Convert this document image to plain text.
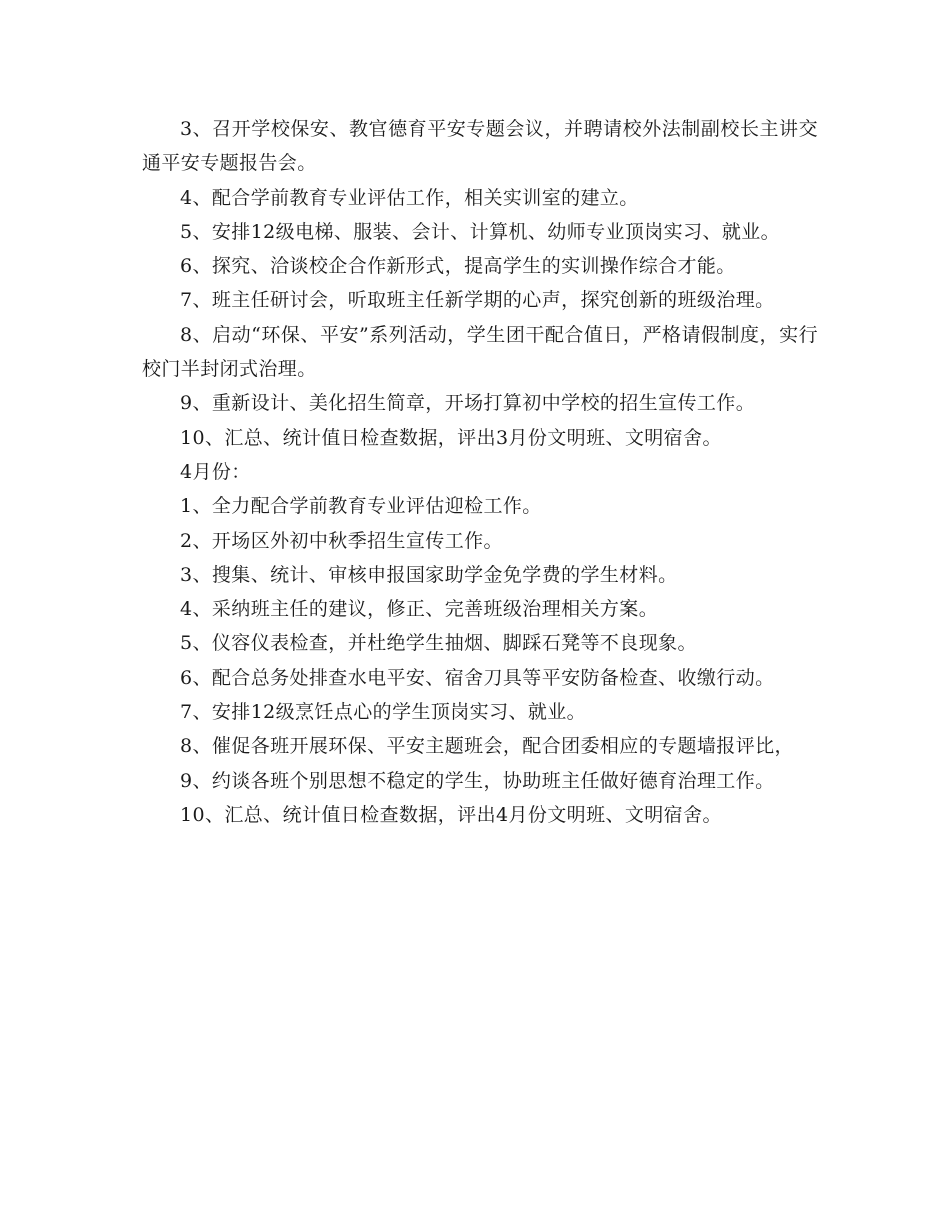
3、召开学校保安、教官德育平安专题会议，并聘请校外法制副校长主讲交通平安专题报告会。

4、配合学前教育专业评估工作，相关实训室的建立。

5、安排12级电梯、服装、会计、计算机、幼师专业顶岗实习、就业。

6、探究、洽谈校企合作新形式，提高学生的实训操作综合才能。

7、班主任研讨会，听取班主任新学期的心声，探究创新的班级治理。

8、启动“环保、平安”系列活动，学生团干配合值日，严格请假制度，实行校门半封闭式治理。

9、重新设计、美化招生简章，开场打算初中学校的招生宣传工作。

10、汇总、统计值日检查数据，评出3月份文明班、文明宿舍。

4月份：

1、全力配合学前教育专业评估迎检工作。

2、开场区外初中秋季招生宣传工作。

3、搜集、统计、审核申报国家助学金免学费的学生材料。

4、采纳班主任的建议，修正、完善班级治理相关方案。

5、仪容仪表检查，并杜绝学生抽烟、脚踩石凳等不良现象。

6、配合总务处排查水电平安、宿舍刀具等平安防备检查、收缴行动。

7、安排12级烹饪点心的学生顶岗实习、就业。

8、催促各班开展环保、平安主题班会，配合团委相应的专题墙报评比，

9、约谈各班个别思想不稳定的学生，协助班主任做好德育治理工作。

10、汇总、统计值日检查数据，评出4月份文明班、文明宿舍。
